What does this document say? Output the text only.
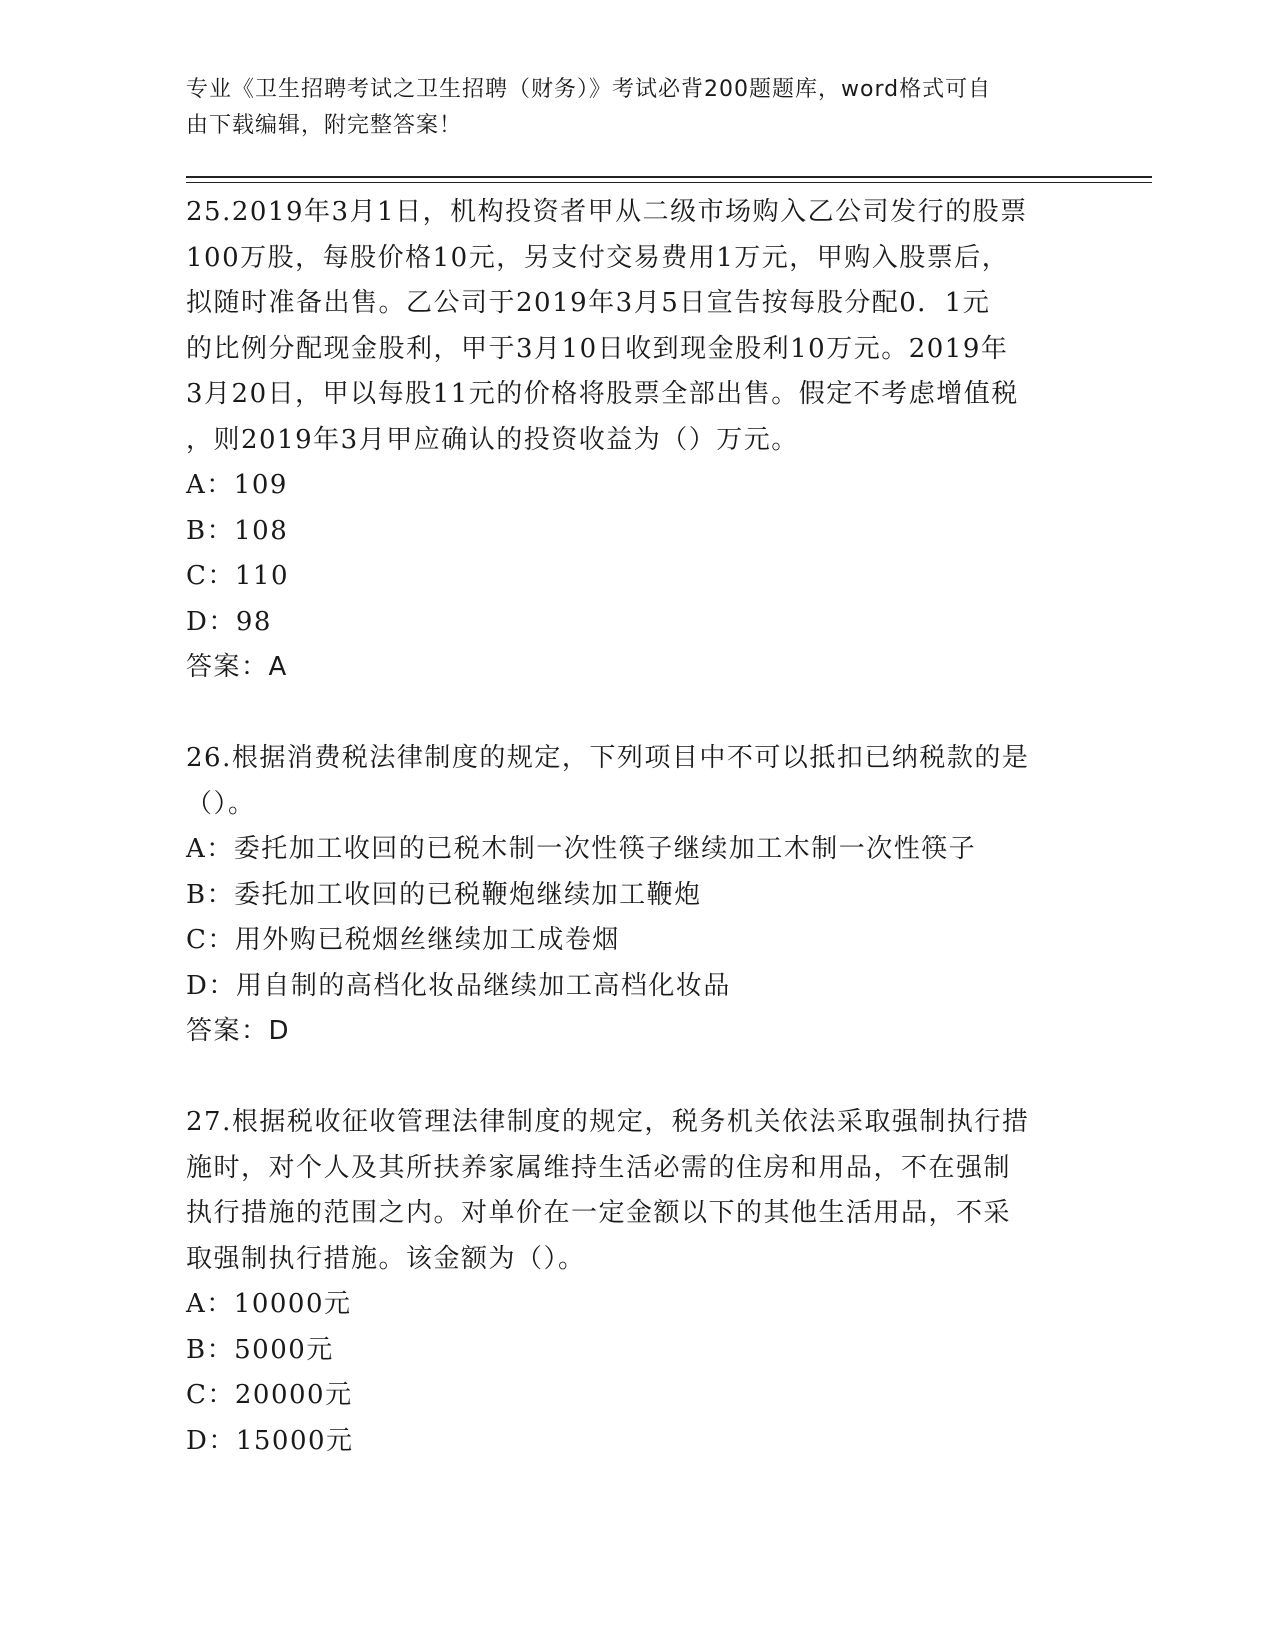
专业《卫生招聘考试之卫生招聘（财务）》考试必背200题题库，word格式可自
由下载编辑，附完整答案！

25.2019年3月1日，机构投资者甲从二级市场购入乙公司发行的股票

100万股，每股价格10元，另支付交易费用1万元，甲购入股票后，

拟随时准备出售。乙公司于2019年3月5日宣告按每股分配0．1元

的比例分配现金股利，甲于3月10日收到现金股利10万元。2019年

3月20日，甲以每股11元的价格将股票全部出售。假定不考虑增值税

，则2019年3月甲应确认的投资收益为（）万元。

A：109

B：108

C：110

D：98

答案：A

26.根据消费税法律制度的规定，下列项目中不可以抵扣已纳税款的是

（）。

A：委托加工收回的已税木制一次性筷子继续加工木制一次性筷子

B：委托加工收回的已税鞭炮继续加工鞭炮

C：用外购已税烟丝继续加工成卷烟

D：用自制的高档化妆品继续加工高档化妆品

答案：D

27.根据税收征收管理法律制度的规定，税务机关依法采取强制执行措

施时，对个人及其所扶养家属维持生活必需的住房和用品，不在强制

执行措施的范围之内。对单价在一定金额以下的其他生活用品，不采

取强制执行措施。该金额为（）。

A：10000元

B：5000元

C：20000元

D：15000元
